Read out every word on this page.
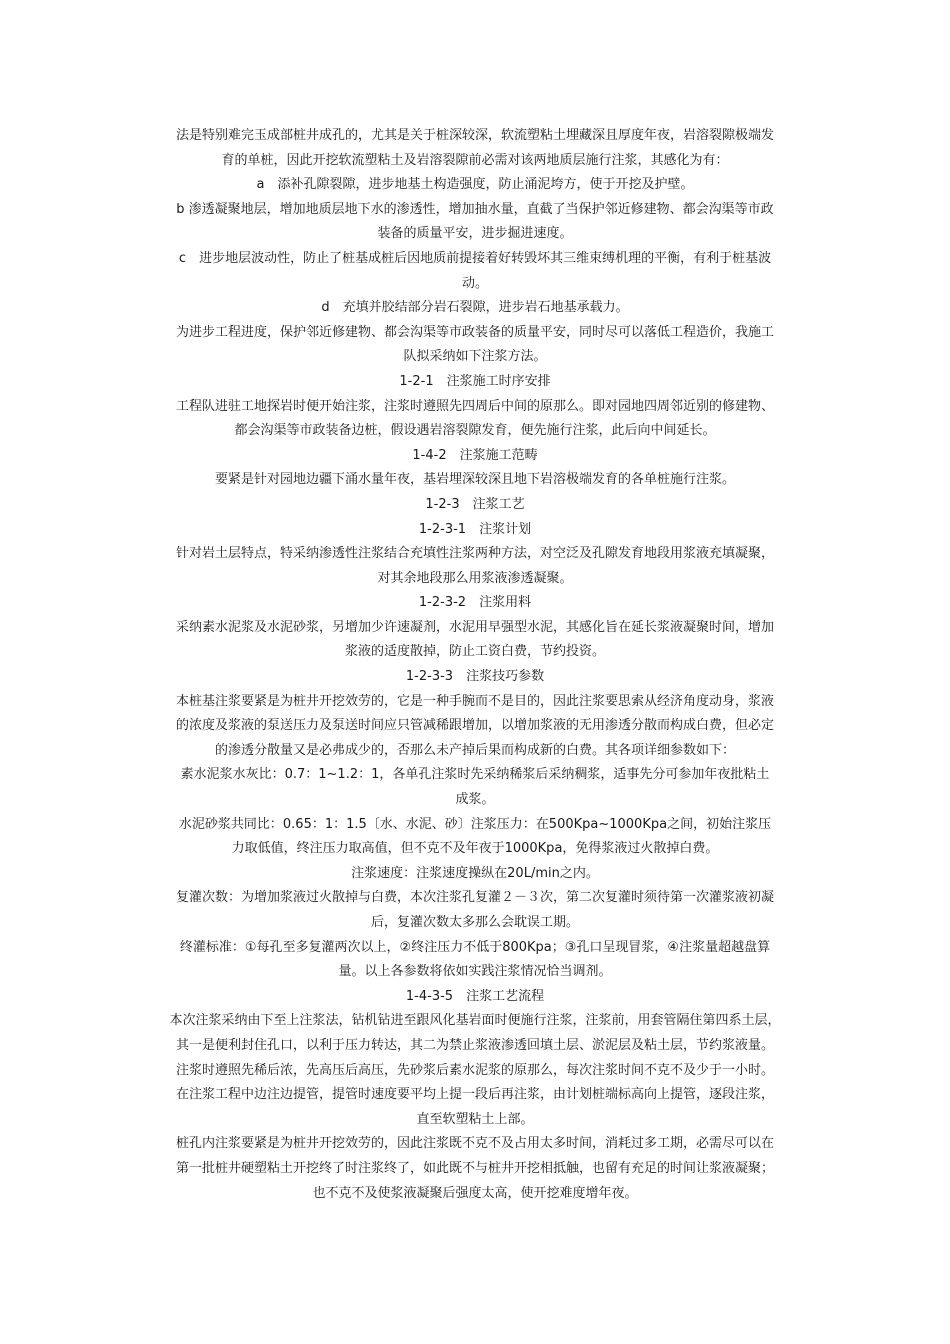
法是特别难完玉成部桩井成孔的，尤其是关于桩深较深，软流塑粘土埋藏深且厚度年夜，岩溶裂隙极端发
育的单桩，因此开挖软流塑粘土及岩溶裂隙前必需对该两地质层施行注浆，其感化为有：
a　添补孔隙裂隙，进步地基土构造强度，防止涌泥垮方，使于开挖及护壁。
b 渗透凝聚地层，增加地质层地下水的渗透性，增加抽水量，直截了当保护邻近修建物、都会沟渠等市政
装备的质量平安，进步掘进速度。
c　进步地层波动性，防止了桩基成桩后因地质前提接着好转毁坏其三维束缚机理的平衡，有利于桩基波
动。
d　充填并胶结部分岩石裂隙，进步岩石地基承载力。
为进步工程进度，保护邻近修建物、都会沟渠等市政装备的质量平安，同时尽可以落低工程造价，我施工
队拟采纳如下注浆方法。
1-2-1　注浆施工时序安排
工程队进驻工地探岩时便开始注浆，注浆时遵照先四周后中间的原那么。即对园地四周邻近别的修建物、
都会沟渠等市政装备边桩，假设遇岩溶裂隙发育，便先施行注浆，此后向中间延长。
1-4-2　注浆施工范畴
要紧是针对园地边疆下涌水量年夜，基岩埋深较深且地下岩溶极端发育的各单桩施行注浆。
1-2-3　注浆工艺
1-2-3-1　注浆计划
针对岩土层特点，特采纳渗透性注浆结合充填性注浆两种方法，对空泛及孔隙发育地段用浆液充填凝聚，
对其余地段那么用浆液渗透凝聚。
1-2-3-2　注浆用料
采纳素水泥浆及水泥砂浆，另增加少许速凝剂，水泥用早强型水泥，其感化旨在延长浆液凝聚时间，增加
浆液的适度散掉，防止工资白费，节约投资。
1-2-3-3　注浆技巧参数
本桩基注浆要紧是为桩井开挖效劳的，它是一种手腕而不是目的，因此注浆要思索从经济角度动身，浆液
的浓度及浆液的泵送压力及泵送时间应只管减稀跟增加，以增加浆液的无用渗透分散而构成白费，但必定
的渗透分散量又是必弗成少的，否那么未产掉后果而构成新的白费。其各项详细参数如下：
素水泥浆水灰比：0.7：1~1.2：1，各单孔注浆时先采纳稀浆后采纳稠浆，适事先分可参加年夜批粘土
成浆。
水泥砂浆共同比：0.65：1：1.5〔水、水泥、砂〕注浆压力：在500Kpa~1000Kpa之间，初始注浆压
力取低值，终注压力取高值，但不克不及年夜于1000Kpa，免得浆液过火散掉白费。
注浆速度：注浆速度操纵在20L/min之内。
复灌次数：为增加浆液过火散掉与白费，本次注浆孔复灌２－３次，第二次复灌时须待第一次灌浆液初凝
后，复灌次数太多那么会耽误工期。
终灌标准：①每孔至多复灌两次以上，②终注压力不低于800Kpa；③孔口呈现冒浆，④注浆量超越盘算
量。以上各参数将依如实践注浆情况恰当调剂。
1-4-3-5　注浆工艺流程
本次注浆采纳由下至上注浆法，钻机钻进至跟风化基岩面时便施行注浆，注浆前，用套管隔住第四系土层，
其一是便利封住孔口，以利于压力转达，其二为禁止浆液渗透回填土层、淤泥层及粘土层，节约浆液量。
注浆时遵照先稀后浓，先高压后高压，先砂浆后素水泥浆的原那么，每次注浆时间不克不及少于一小时。
在注浆工程中边注边提管，提管时速度要平均上提一段后再注浆，由计划桩端标高向上提管，逐段注浆，
直至软塑粘土上部。
桩孔内注浆要紧是为桩井开挖效劳的，因此注浆既不克不及占用太多时间，消耗过多工期，必需尽可以在
第一批桩井硬塑粘土开挖终了时注浆终了，如此既不与桩井开挖相抵触，也留有充足的时间让浆液凝聚；
也不克不及使浆液凝聚后强度太高，使开挖难度增年夜。
